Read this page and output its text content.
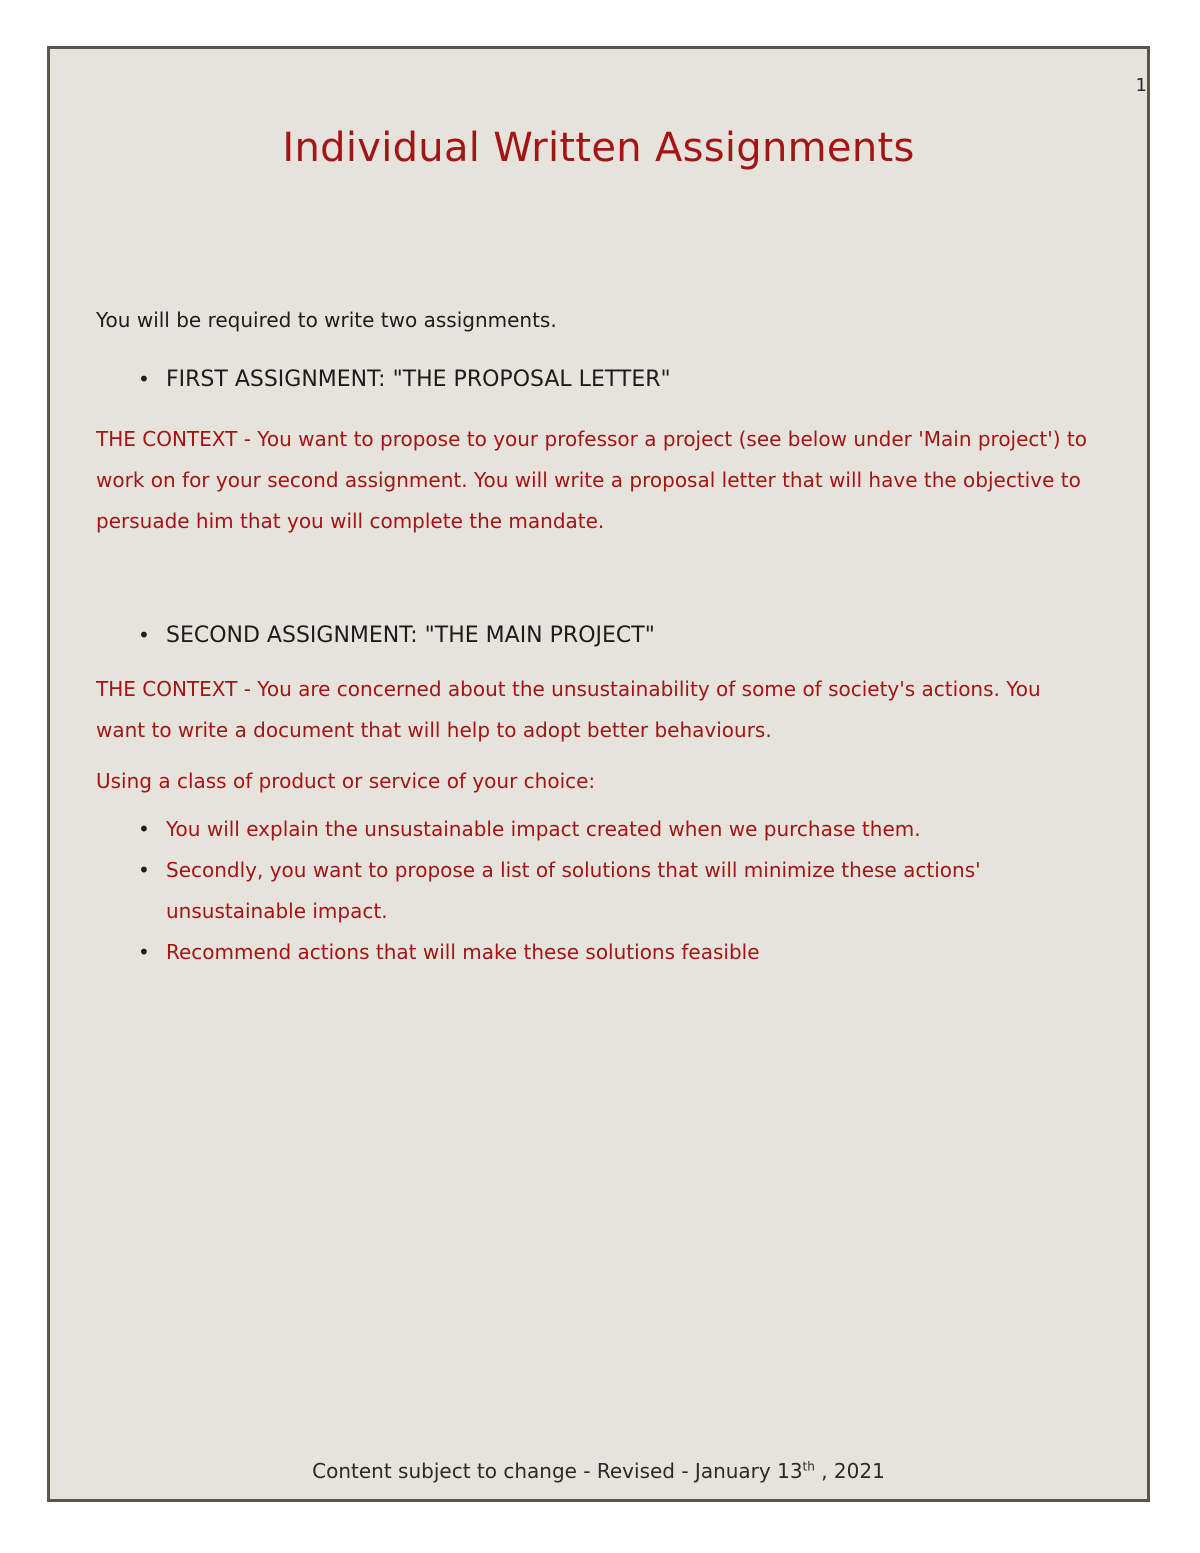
1
Individual Written Assignments

You will be required to write two assignments.

• FIRST ASSIGNMENT: "THE PROPOSAL LETTER"

THE CONTEXT - You want to propose to your professor a project (see below under 'Main project') to work on for your second assignment. You will write a proposal letter that will have the objective to persuade him that you will complete the mandate.

• SECOND ASSIGNMENT: "THE MAIN PROJECT"

THE CONTEXT - You are concerned about the unsustainability of some of society's actions. You want to write a document that will help to adopt better behaviours.

Using a class of product or service of your choice:

• You will explain the unsustainable impact created when we purchase them.
• Secondly, you want to propose a list of solutions that will minimize these actions' unsustainable impact.
• Recommend actions that will make these solutions feasible
Content subject to change - Revised - January 13th , 2021
